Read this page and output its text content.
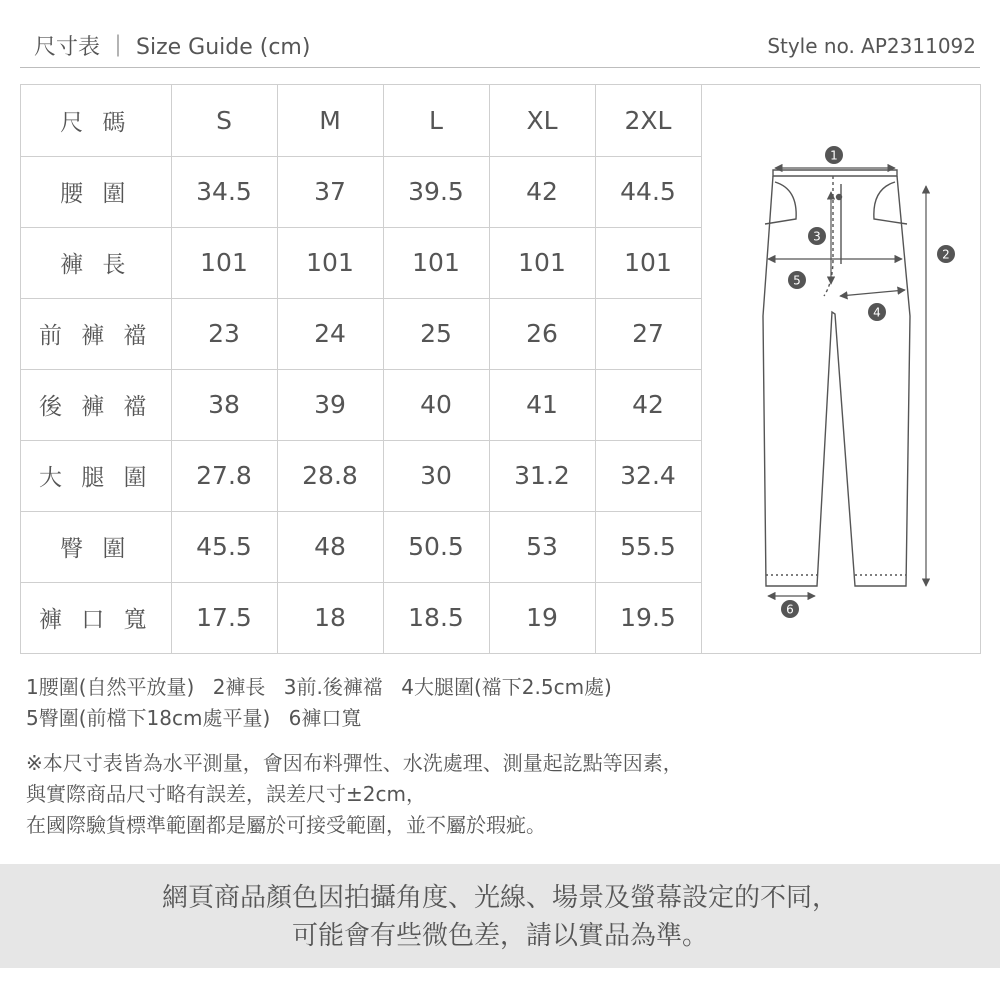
尺寸表 ｜ Size Guide (cm)	Style no. AP2311092
尺 碼	S	M	L	XL	2XL
腰 圍	34.5	37	39.5	42	44.5
褲 長	101	101	101	101	101
前 褲 襠	23	24	25	26	27
後 褲 襠	38	39	40	41	42
大 腿 圍	27.8	28.8	30	31.2	32.4
臀 圍	45.5	48	50.5	53	55.5
褲 口 寬	17.5	18	18.5	19	19.5
1
2
3
4
5
6
1腰圍(自然平放量) 2褲長 3前.後褲襠 4大腿圍(襠下2.5cm處)
5臀圍(前檔下18cm處平量) 6褲口寬
※本尺寸表皆為水平測量，會因布料彈性、水洗處理、測量起訖點等因素，
與實際商品尺寸略有誤差，誤差尺寸±2cm，
在國際驗貨標準範圍都是屬於可接受範圍，並不屬於瑕疵。
網頁商品顏色因拍攝角度、光線、場景及螢幕設定的不同，
可能會有些微色差，請以實品為準。
